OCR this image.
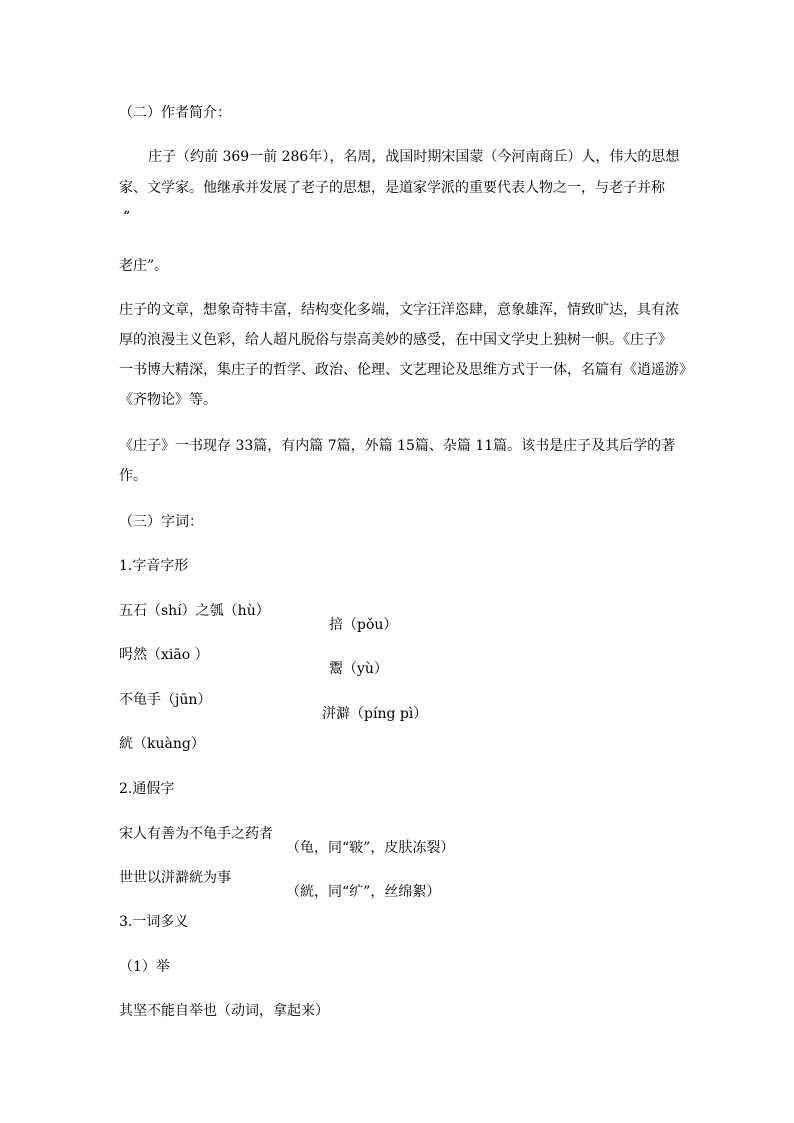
（二）作者简介：

庄子（约前 369一前 286年），名周，战国时期宋国蒙（今河南商丘）人，伟大的思想

家、文学家。他继承并发展了老子的思想，是道家学派的重要代表人物之一，与老子并称

“

老庄”。

庄子的文章，想象奇特丰富，结构变化多端，文字汪洋恣肆，意象雄浑，情致旷达，具有浓

厚的浪漫主义色彩，给人超凡脱俗与崇高美妙的感受，在中国文学史上独树一帜。《庄子》

一书博大精深，集庄子的哲学、政治、伦理、文艺理论及思维方式于一体，名篇有《逍遥游》

《齐物论》等。

《庄子》一书现存 33篇，有内篇 7篇，外篇 15篇、杂篇 11篇。该书是庄子及其后学的著

作。

（三）字词：

1.字音字形

五石（shí）之瓠（hù）

掊（pǒu）

呺然（xiāo ）

鬻（yù）

不龟手（jūn）

洴澼（píng pì）

絖（kuàng）

2.通假字

宋人有善为不龟手之药者

（龟，同“皲”，皮肤冻裂）

世世以洴澼絖为事

（絖，同“纩”，丝绵絮）

3.一词多义

（1）举

其坚不能自举也（动词，拿起来）
